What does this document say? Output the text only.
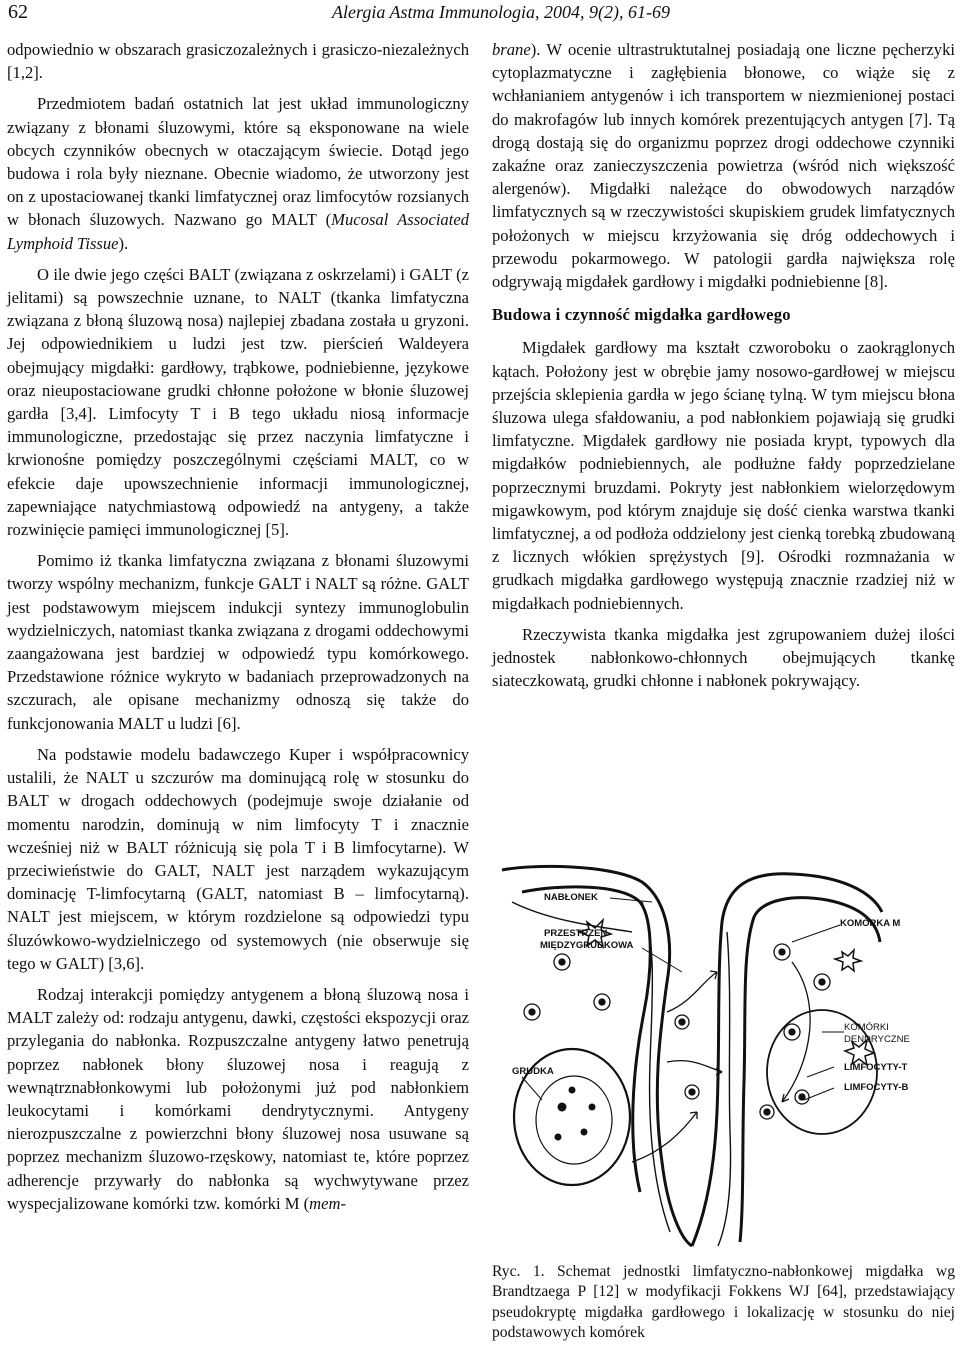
62	Alergia Astma Immunologia, 2004, 9(2), 61-69

odpowiednio w obszarach grasiczozależnych i grasiczo-niezależnych [1,2].

Przedmiotem badań ostatnich lat jest układ immunologiczny związany z błonami śluzowymi, które są eksponowane na wiele obcych czynników obecnych w otaczającym świecie. Dotąd jego budowa i rola były nieznane. Obecnie wiadomo, że utworzony jest on z upostaciowanej tkanki limfatycznej oraz limfocytów rozsianych w błonach śluzowych. Nazwano go MALT (Mucosal Associated Lymphoid Tissue).

O ile dwie jego części BALT (związana z oskrzelami) i GALT (z jelitami) są powszechnie uznane, to NALT (tkanka limfatyczna związana z błoną śluzową nosa) najlepiej zbadana została u gryzoni. Jej odpowiednikiem u ludzi jest tzw. pierścień Waldeyera obejmujący migdałki: gardłowy, trąbkowe, podniebienne, językowe oraz nieupostaciowane grudki chłonne położone w błonie śluzowej gardła [3,4]. Limfocyty T i B tego układu niosą informacje immunologiczne, przedostając się przez naczynia limfatyczne i krwionośne pomiędzy poszczególnymi częściami MALT, co w efekcie daje upowszechnienie informacji immunologicznej, zapewniające natychmiastową odpowiedź na antygeny, a także rozwinięcie pamięci immunologicznej [5].

Pomimo iż tkanka limfatyczna związana z błonami śluzowymi tworzy wspólny mechanizm, funkcje GALT i NALT są różne. GALT jest podstawowym miejscem indukcji syntezy immunoglobulin wydzielniczych, natomiast tkanka związana z drogami oddechowymi zaangażowana jest bardziej w odpowiedź typu komórkowego. Przedstawione różnice wykryto w badaniach przeprowadzonych na szczurach, ale opisane mechanizmy odnoszą się także do funkcjonowania MALT u ludzi [6].

Na podstawie modelu badawczego Kuper i współpracownicy ustalili, że NALT u szczurów ma dominującą rolę w stosunku do BALT w drogach oddechowych (podejmuje swoje działanie od momentu narodzin, dominują w nim limfocyty T i znacznie wcześniej niż w BALT różnicują się pola T i B limfocytarne). W przeciwieństwie do GALT, NALT jest narządem wykazującym dominację T-limfocytarną (GALT, natomiast B – limfocytarną). NALT jest miejscem, w którym rozdzielone są odpowiedzi typu śluzówkowo-wydzielniczego od systemowych (nie obserwuje się tego w GALT) [3,6].

Rodzaj interakcji pomiędzy antygenem a błoną śluzową nosa i MALT zależy od: rodzaju antygenu, dawki, częstości ekspozycji oraz przylegania do nabłonka. Rozpuszczalne antygeny łatwo penetrują poprzez nabłonek błony śluzowej nosa i reagują z wewnątrznabłonkowymi lub położonymi już pod nabłonkiem leukocytami i komórkami dendrytycznymi. Antygeny nierozpuszczalne z powierzchni błony śluzowej nosa usuwane są poprzez mechanizm śluzowo-rzęskowy, natomiast te, które poprzez adherencje przywarły do nabłonka są wychwytywane przez wyspecjalizowane komórki tzw. komórki M (mem-

brane). W ocenie ultrastruktutalnej posiadają one liczne pęcherzyki cytoplazmatyczne i zagłębienia błonowe, co wiąże się z wchłanianiem antygenów i ich transportem w niezmienionej postaci do makrofagów lub innych komórek prezentujących antygen [7]. Tą drogą dostają się do organizmu poprzez drogi oddechowe czynniki zakaźne oraz zanieczyszczenia powietrza (wśród nich większość alergenów). Migdałki należące do obwodowych narządów limfatycznych są w rzeczywistości skupiskiem grudek limfatycznych położonych w miejscu krzyżowania się dróg oddechowych i przewodu pokarmowego. W patologii gardła największa rolę odgrywają migdałek gardłowy i migdałki podniebienne [8].

Budowa i czynność migdałka gardłowego

Migdałek gardłowy ma kształt czworoboku o zaokrąglonych kątach. Położony jest w obrębie jamy nosowo-gardłowej w miejscu przejścia sklepienia gardła w jego ścianę tylną. W tym miejscu błona śluzowa ulega sfałdowaniu, a pod nabłonkiem pojawiają się grudki limfatyczne. Migdałek gardłowy nie posiada krypt, typowych dla migdałków podniebiennych, ale podłużne fałdy poprzedzielane poprzecznymi bruzdami. Pokryty jest nabłonkiem wielorzędowym migawkowym, pod którym znajduje się dość cienka warstwa tkanki limfatycznej, a od podłoża oddzielony jest cienką torebką zbudowaną z licznych włókien sprężystych [9]. Ośrodki rozmnażania w grudkach migdałka gardłowego występują znacznie rzadziej niż w migdałkach podniebiennych.

Rzeczywista tkanka migdałka jest zgrupowaniem dużej ilości jednostek nabłonkowo-chłonnych obejmujących tkankę siateczkowatą, grudki chłonne i nabłonek pokrywający.

NABŁONEK
PRZESTRZEŃ
MIĘDZYGRUDKOWA
KOMÓRKA M
KOMÓRKI
DENDRYCZNE
LIMFOCYTY-T
LIMFOCYTY-B
GRUDKA
Ryc. 1. Schemat jednostki limfatyczno-nabłonkowej migdałka wg Brandtzaega P [12] w modyfikacji Fokkens WJ [64], przedstawiający pseudokryptę migdałka gardłowego i lokalizację w stosunku do niej podstawowych komórek
